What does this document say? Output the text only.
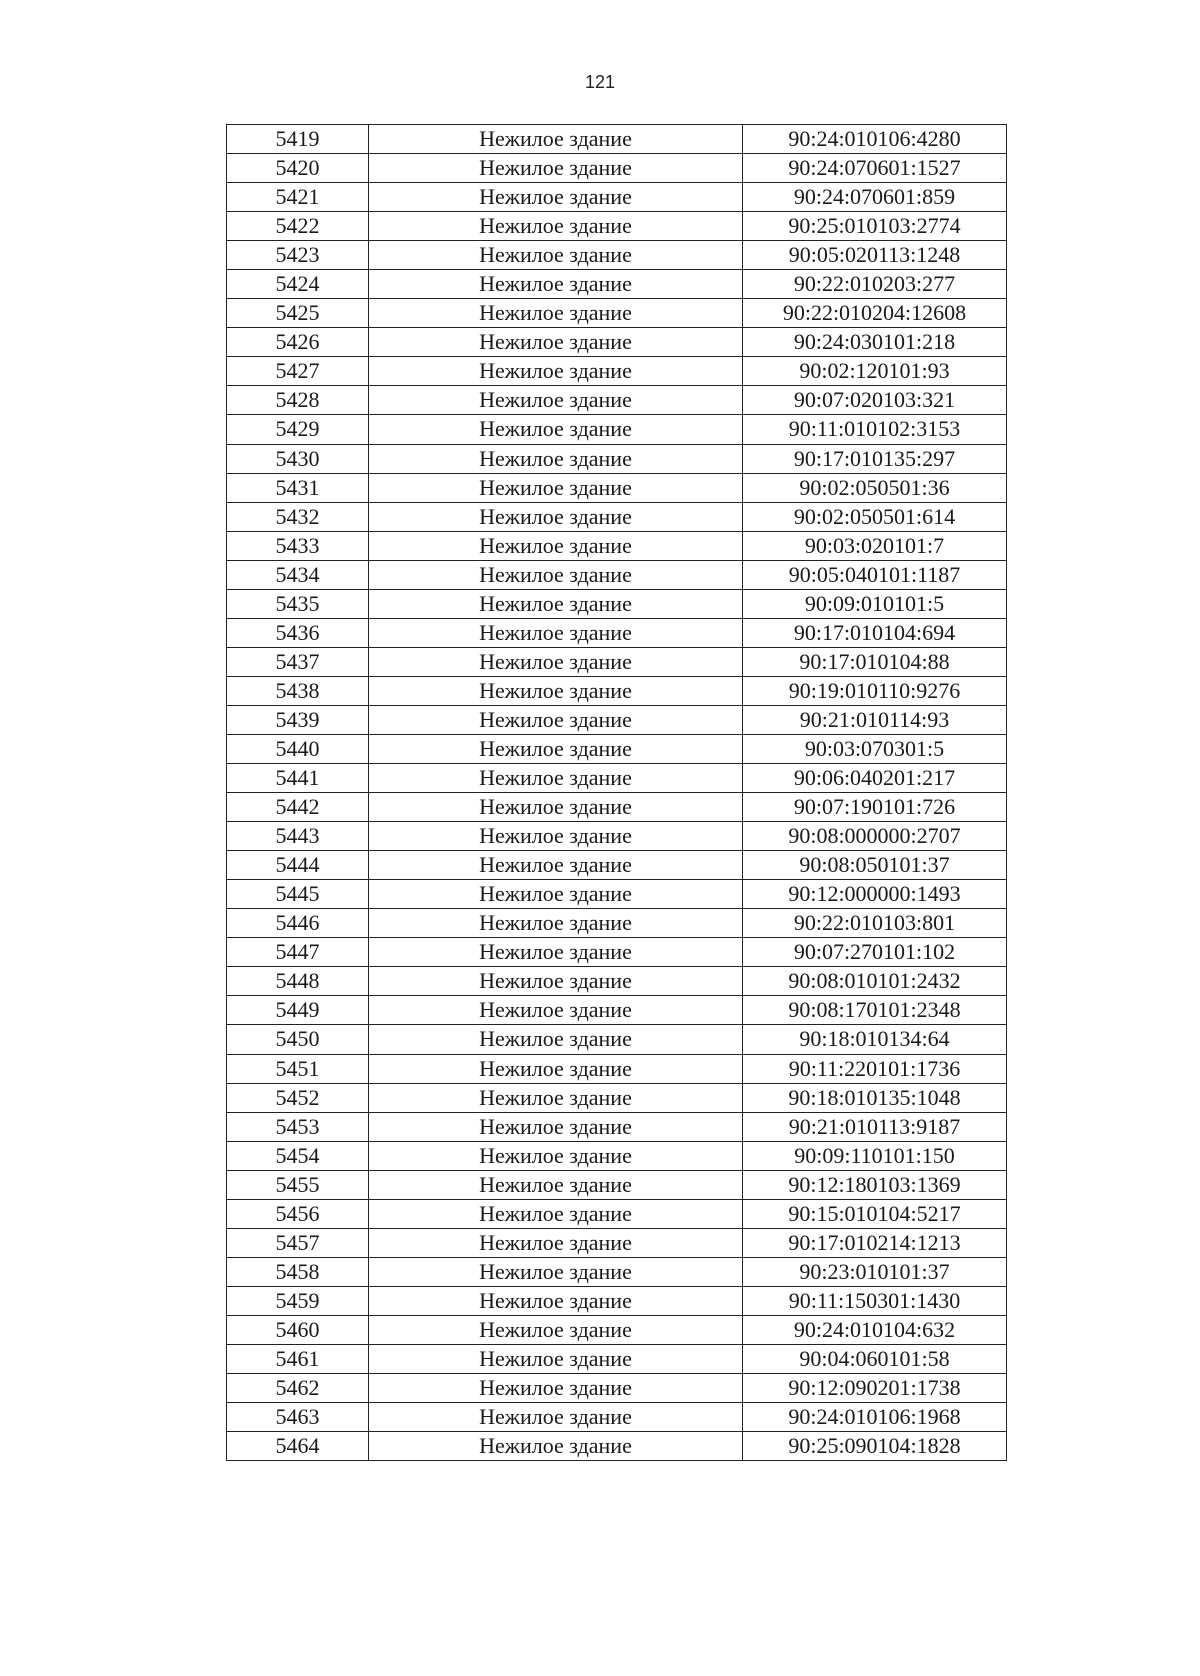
121
5419	Нежилое здание	90:24:010106:4280
5420	Нежилое здание	90:24:070601:1527
5421	Нежилое здание	90:24:070601:859
5422	Нежилое здание	90:25:010103:2774
5423	Нежилое здание	90:05:020113:1248
5424	Нежилое здание	90:22:010203:277
5425	Нежилое здание	90:22:010204:12608
5426	Нежилое здание	90:24:030101:218
5427	Нежилое здание	90:02:120101:93
5428	Нежилое здание	90:07:020103:321
5429	Нежилое здание	90:11:010102:3153
5430	Нежилое здание	90:17:010135:297
5431	Нежилое здание	90:02:050501:36
5432	Нежилое здание	90:02:050501:614
5433	Нежилое здание	90:03:020101:7
5434	Нежилое здание	90:05:040101:1187
5435	Нежилое здание	90:09:010101:5
5436	Нежилое здание	90:17:010104:694
5437	Нежилое здание	90:17:010104:88
5438	Нежилое здание	90:19:010110:9276
5439	Нежилое здание	90:21:010114:93
5440	Нежилое здание	90:03:070301:5
5441	Нежилое здание	90:06:040201:217
5442	Нежилое здание	90:07:190101:726
5443	Нежилое здание	90:08:000000:2707
5444	Нежилое здание	90:08:050101:37
5445	Нежилое здание	90:12:000000:1493
5446	Нежилое здание	90:22:010103:801
5447	Нежилое здание	90:07:270101:102
5448	Нежилое здание	90:08:010101:2432
5449	Нежилое здание	90:08:170101:2348
5450	Нежилое здание	90:18:010134:64
5451	Нежилое здание	90:11:220101:1736
5452	Нежилое здание	90:18:010135:1048
5453	Нежилое здание	90:21:010113:9187
5454	Нежилое здание	90:09:110101:150
5455	Нежилое здание	90:12:180103:1369
5456	Нежилое здание	90:15:010104:5217
5457	Нежилое здание	90:17:010214:1213
5458	Нежилое здание	90:23:010101:37
5459	Нежилое здание	90:11:150301:1430
5460	Нежилое здание	90:24:010104:632
5461	Нежилое здание	90:04:060101:58
5462	Нежилое здание	90:12:090201:1738
5463	Нежилое здание	90:24:010106:1968
5464	Нежилое здание	90:25:090104:1828
